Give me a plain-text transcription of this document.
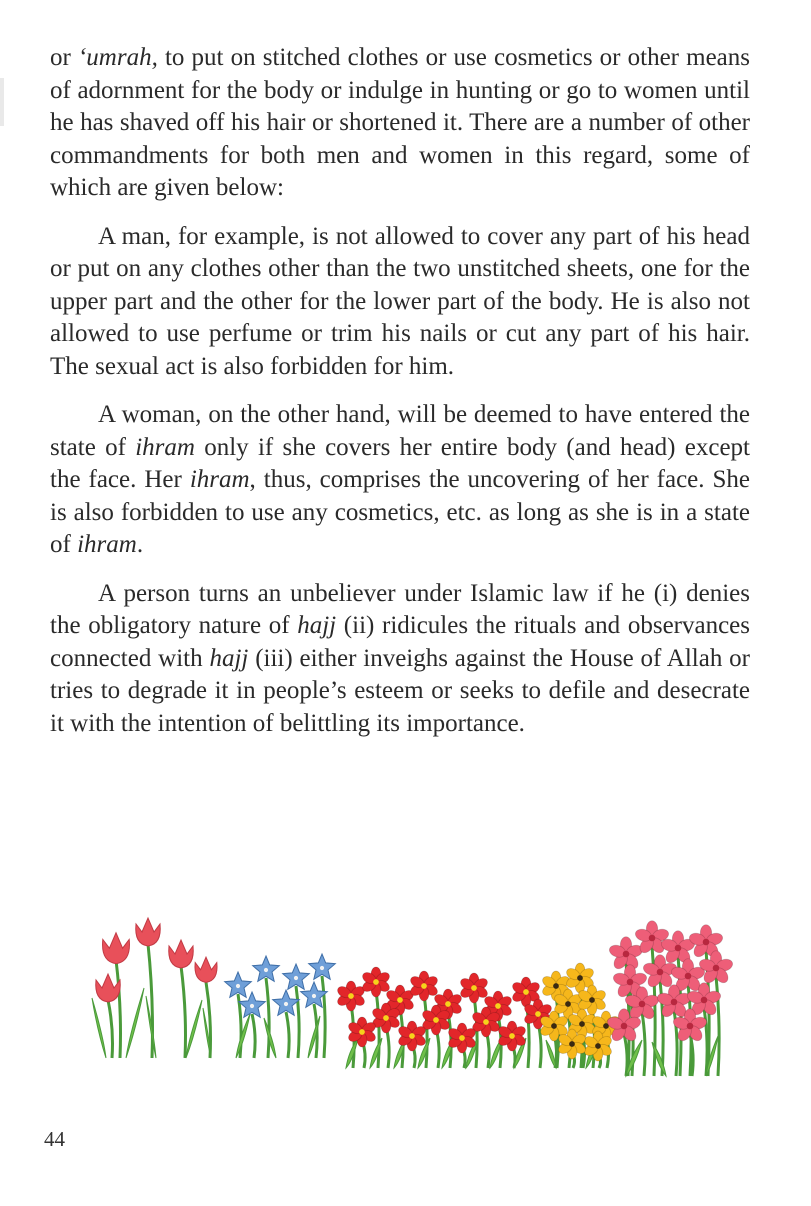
or ‘umrah, to put on stitched clothes or use cosmetics or other means of adornment for the body or indulge in hunting or go to women until he has shaved off his hair or shortened it. There are a number of other commandments for both men and women in this regard, some of which are given below:

A man, for example, is not allowed to cover any part of his head or put on any clothes other than the two unstitched sheets, one for the upper part and the other for the lower part of the body. He is also not allowed to use perfume or trim his nails or cut any part of his hair. The sexual act is also forbidden for him.

A woman, on the other hand, will be deemed to have entered the state of ihram only if she covers her entire body (and head) except the face. Her ihram, thus, comprises the uncovering of her face. She is also forbidden to use any cosmetics, etc. as long as she is in a state of ihram.

A person turns an unbeliever under Islamic law if he (i) denies the obligatory nature of hajj (ii) ridicules the rituals and observances connected with hajj (iii) either inveighs against the House of Allah or tries to degrade it in people’s esteem or seeks to defile and desecrate it with the intention of belittling its importance.

44
